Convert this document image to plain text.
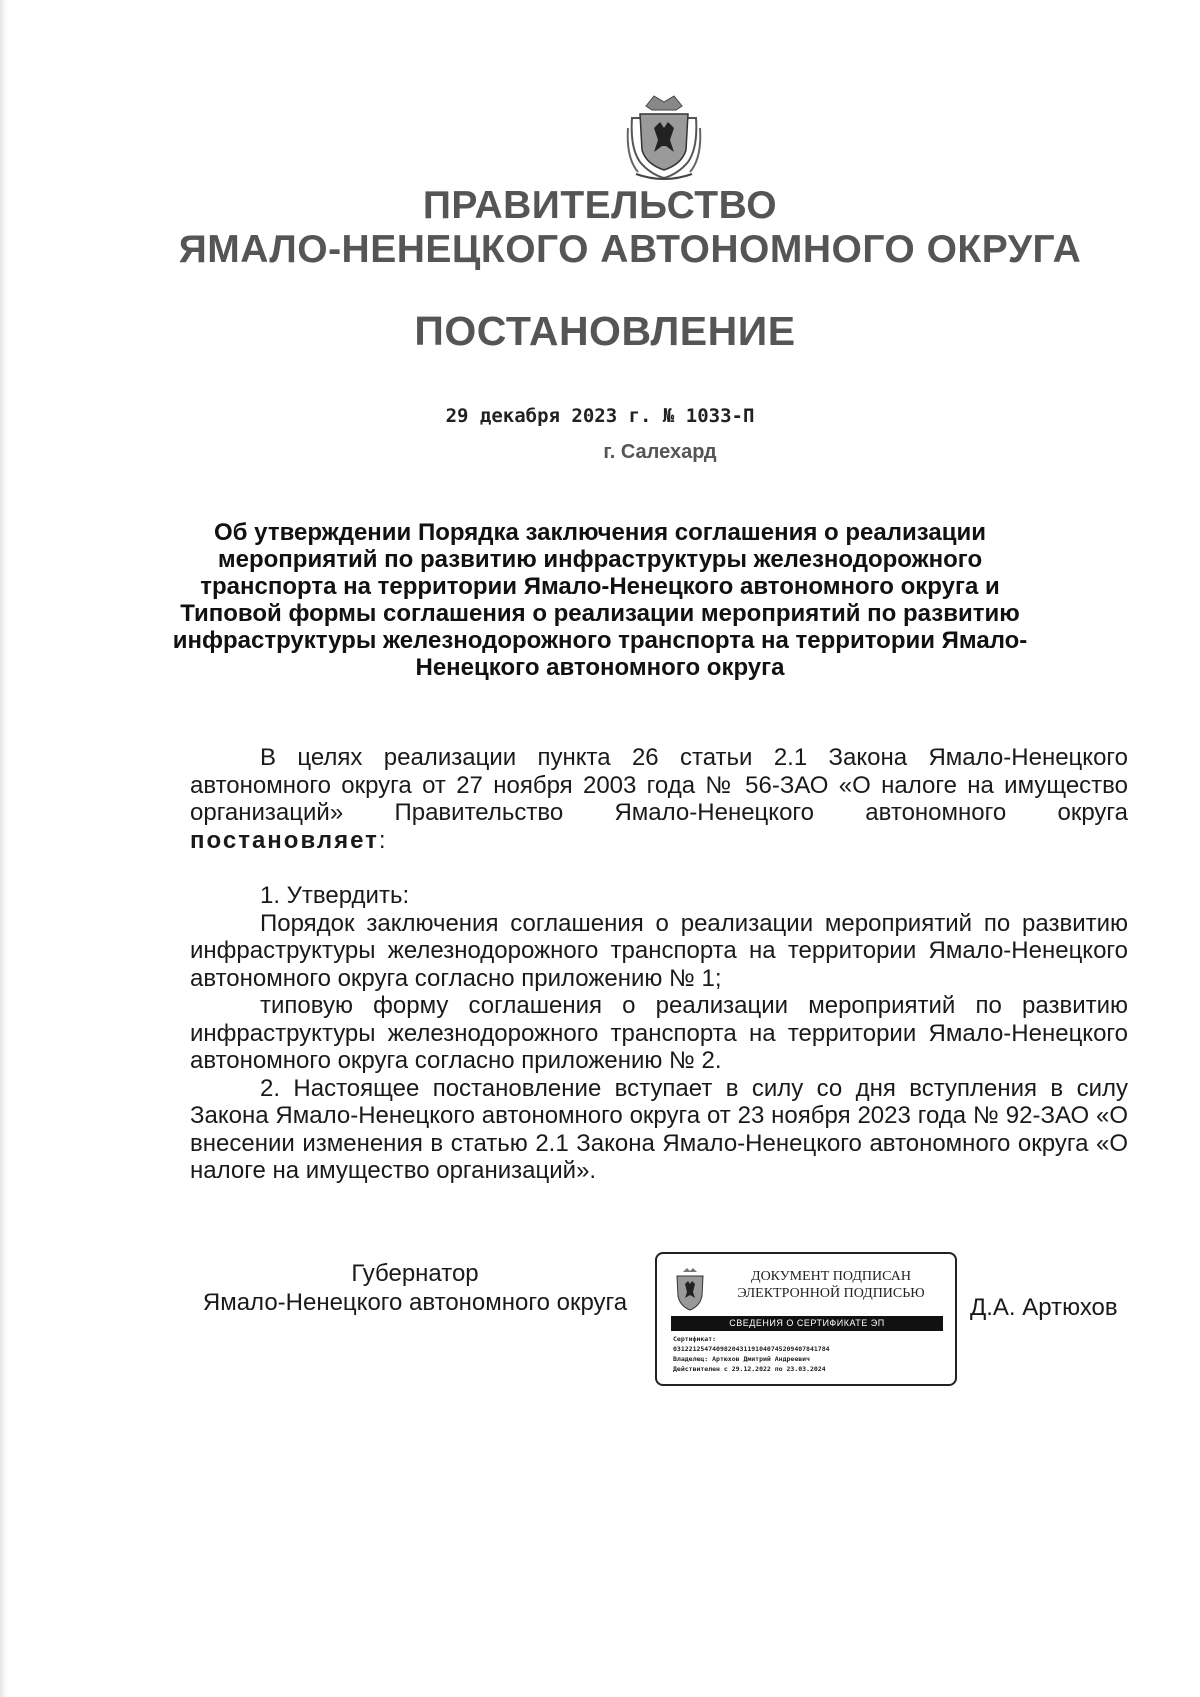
ПРАВИТЕЛЬСТВО
ЯМАЛО-НЕНЕЦКОГО АВТОНОМНОГО ОКРУГА
ПОСТАНОВЛЕНИЕ
29 декабря 2023 г. № 1033-П
г. Салехард
Об утверждении Порядка заключения соглашения о реализации мероприятий по развитию инфраструктуры железнодорожного транспорта на территории Ямало-Ненецкого автономного округа и Типовой формы соглашения о реализации мероприятий по развитию инфраструктуры железнодорожного транспорта на территории Ямало-Ненецкого автономного округа

В целях реализации пункта 26 статьи 2.1 Закона Ямало-Ненецкого автономного округа от 27 ноября 2003 года № 56-ЗАО «О налоге на имущество организаций» Правительство Ямало-Ненецкого автономного округа постановляет:

1. Утвердить:

Порядок заключения соглашения о реализации мероприятий по развитию инфраструктуры железнодорожного транспорта на территории Ямало-Ненецкого автономного округа согласно приложению № 1;

типовую форму соглашения о реализации мероприятий по развитию инфраструктуры железнодорожного транспорта на территории Ямало-Ненецкого автономного округа согласно приложению № 2.

2. Настоящее постановление вступает в силу со дня вступления в силу Закона Ямало-Ненецкого автономного округа от 23 ноября 2023 года № 92-ЗАО «О внесении изменения в статью 2.1 Закона Ямало-Ненецкого автономного округа «О налоге на имущество организаций».

Губернатор
Ямало-Ненецкого автономного округа
ДОКУМЕНТ ПОДПИСАН
ЭЛЕКТРОННОЙ ПОДПИСЬЮ
СВЕДЕНИЯ О СЕРТИФИКАТЕ ЭП
Сертификат:
0312212547409820431191040745209407841784
Владелец: Артюхов Дмитрий Андреевич
Действителен с 29.12.2022 по 23.03.2024
Д.А. Артюхов
